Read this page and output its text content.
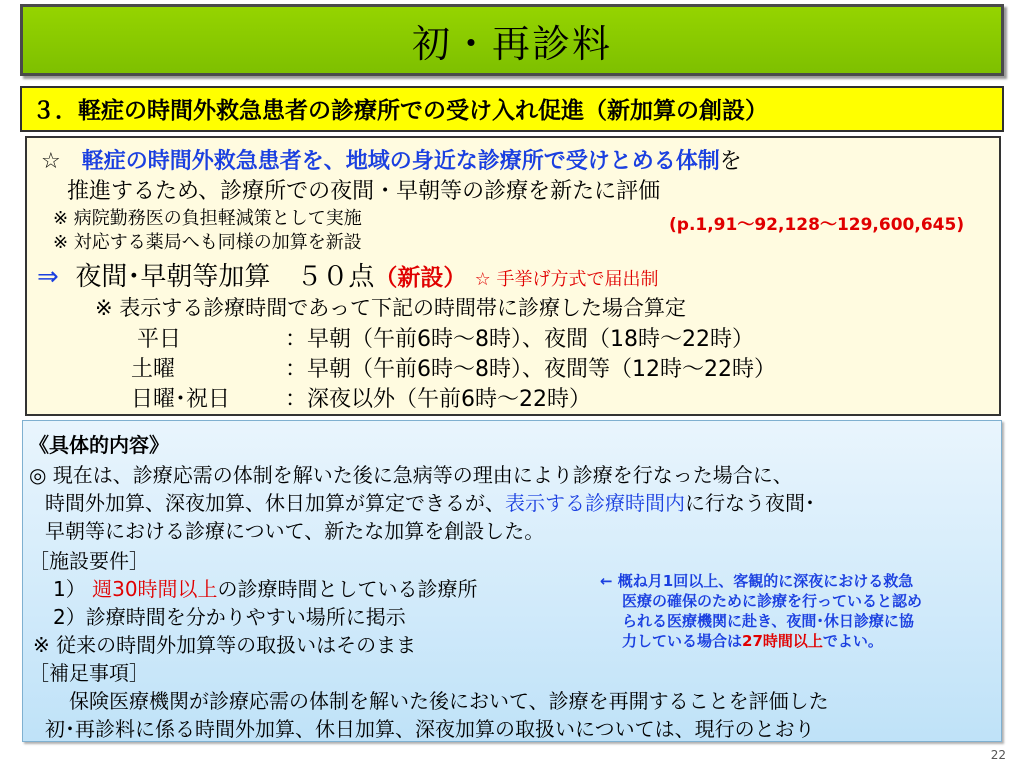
初・再診料
３．軽症の時間外救急患者の診療所での受け入れ促進（新加算の創設）
☆ 軽症の時間外救急患者を、地域の身近な診療所で受けとめる体制を
推進するため、診療所での夜間・早朝等の診療を新たに評価
※ 病院勤務医の負担軽減策として実施
※ 対応する薬局へも同様の加算を新設
(p.1,91～92,128～129,600,645)
⇒ 夜間･早朝等加算　５０点（新設） ☆ 手挙げ方式で届出制
※ 表示する診療時間であって下記の時間帯に診療した場合算定
平日	：早朝（午前6時～8時）、夜間（18時～22時）
土曜	：早朝（午前6時～8時）、夜間等（12時～22時）
日曜･祝日 ：深夜以外（午前6時～22時）
《具体的内容》
◎ 現在は、診療応需の体制を解いた後に急病等の理由により診療を行なった場合に、
時間外加算、深夜加算、休日加算が算定できるが、表示する診療時間内に行なう夜間･
早朝等における診療について、新たな加算を創設した。
［施設要件］
1） 週30時間以上の診療時間としている診療所
2）診療時間を分かりやすい場所に掲示
※ 従来の時間外加算等の取扱いはそのまま
← 概ね月1回以上、客観的に深夜における救急
医療の確保のために診療を行っていると認め
られる医療機関に赴き、夜間･休日診療に協
力している場合は27時間以上でよい。
［補足事項］
保険医療機関が診療応需の体制を解いた後において、診療を再開することを評価した
初･再診料に係る時間外加算、休日加算、深夜加算の取扱いについては、現行のとおり
22
